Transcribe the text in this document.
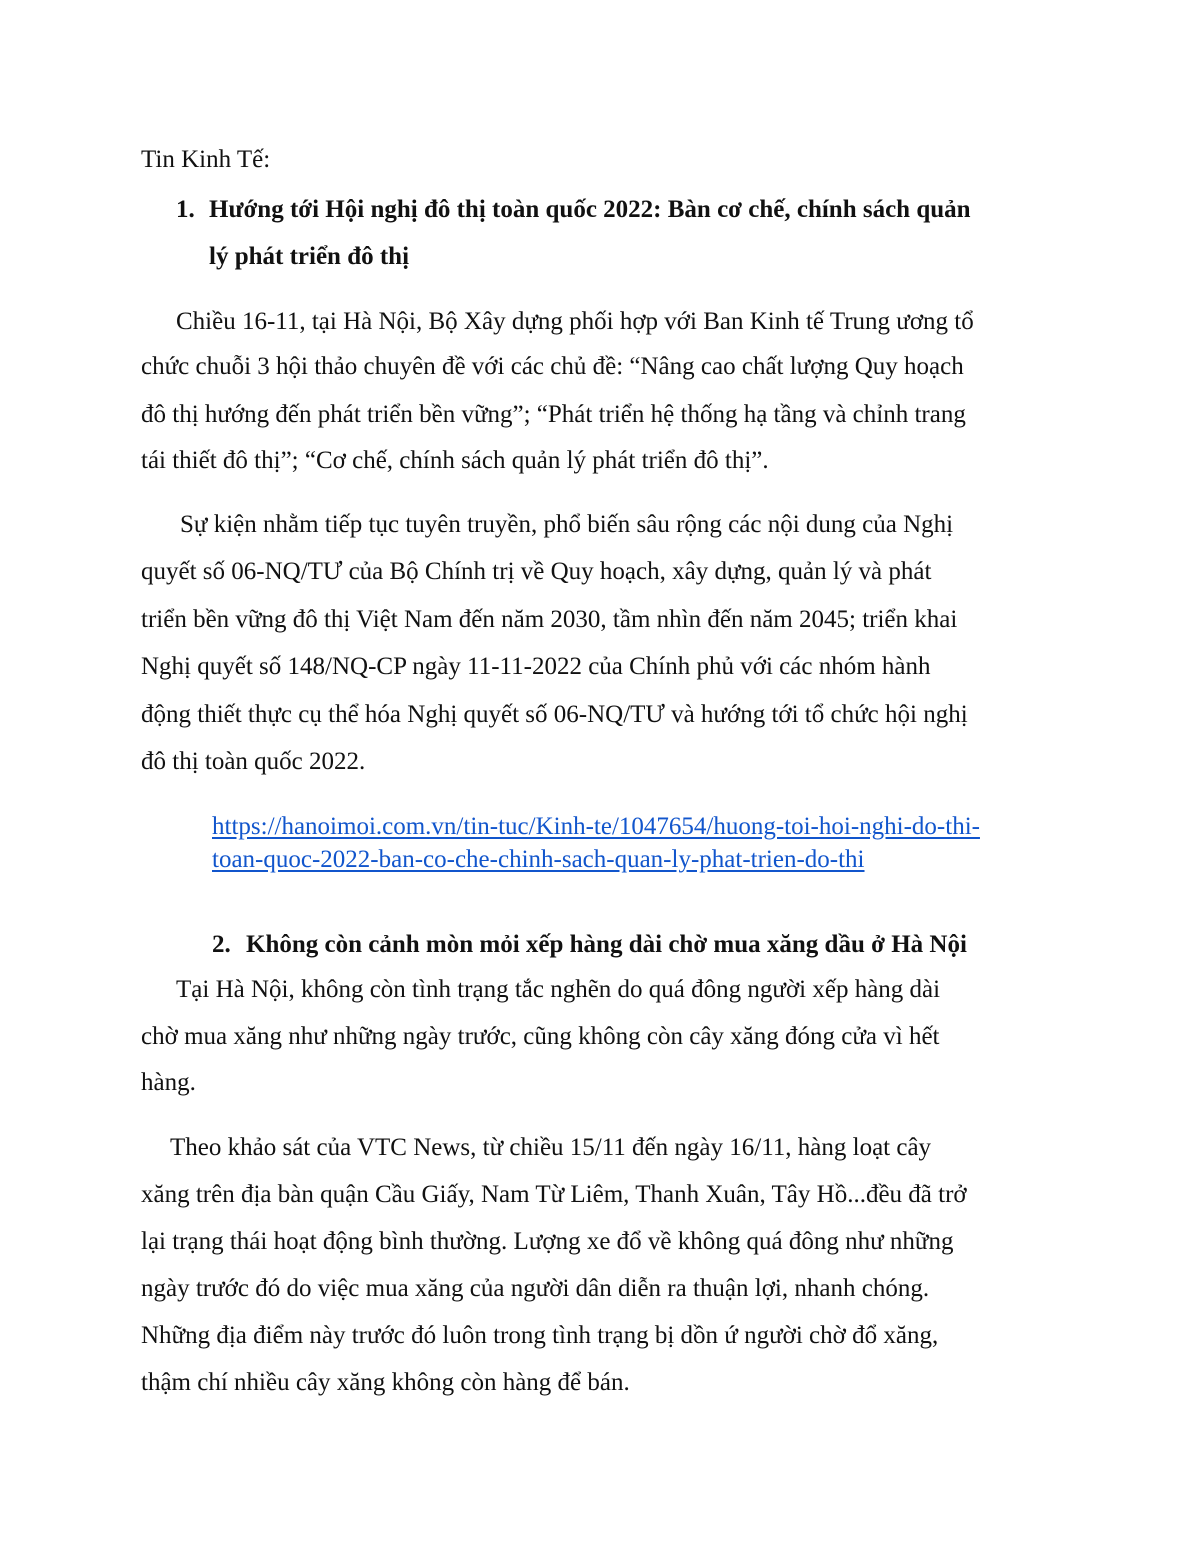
Tin Kinh Tế:

1. Hướng tới Hội nghị đô thị toàn quốc 2022: Bàn cơ chế, chính sách quản

lý phát triển đô thị

Chiều 16-11, tại Hà Nội, Bộ Xây dựng phối hợp với Ban Kinh tế Trung ương tổ

chức chuỗi 3 hội thảo chuyên đề với các chủ đề: “Nâng cao chất lượng Quy hoạch

đô thị hướng đến phát triển bền vững”; “Phát triển hệ thống hạ tầng và chỉnh trang

tái thiết đô thị”; “Cơ chế, chính sách quản lý phát triển đô thị”.

Sự kiện nhằm tiếp tục tuyên truyền, phổ biến sâu rộng các nội dung của Nghị

quyết số 06-NQ/TƯ của Bộ Chính trị về Quy hoạch, xây dựng, quản lý và phát

triển bền vững đô thị Việt Nam đến năm 2030, tầm nhìn đến năm 2045; triển khai

Nghị quyết số 148/NQ-CP ngày 11-11-2022 của Chính phủ với các nhóm hành

động thiết thực cụ thể hóa Nghị quyết số 06-NQ/TƯ và hướng tới tổ chức hội nghị

đô thị toàn quốc 2022.

https://hanoimoi.com.vn/tin-tuc/Kinh-te/1047654/huong-toi-hoi-nghi-do-thi-
toan-quoc-2022-ban-co-che-chinh-sach-quan-ly-phat-trien-do-thi

2. Không còn cảnh mòn mỏi xếp hàng dài chờ mua xăng dầu ở Hà Nội

Tại Hà Nội, không còn tình trạng tắc nghẽn do quá đông người xếp hàng dài

chờ mua xăng như những ngày trước, cũng không còn cây xăng đóng cửa vì hết

hàng.

Theo khảo sát của VTC News, từ chiều 15/11 đến ngày 16/11, hàng loạt cây

xăng trên địa bàn quận Cầu Giấy, Nam Từ Liêm, Thanh Xuân, Tây Hồ...đều đã trở

lại trạng thái hoạt động bình thường. Lượng xe đổ về không quá đông như những

ngày trước đó do việc mua xăng của người dân diễn ra thuận lợi, nhanh chóng.

Những địa điểm này trước đó luôn trong tình trạng bị dồn ứ người chờ đổ xăng,

thậm chí nhiều cây xăng không còn hàng để bán.
